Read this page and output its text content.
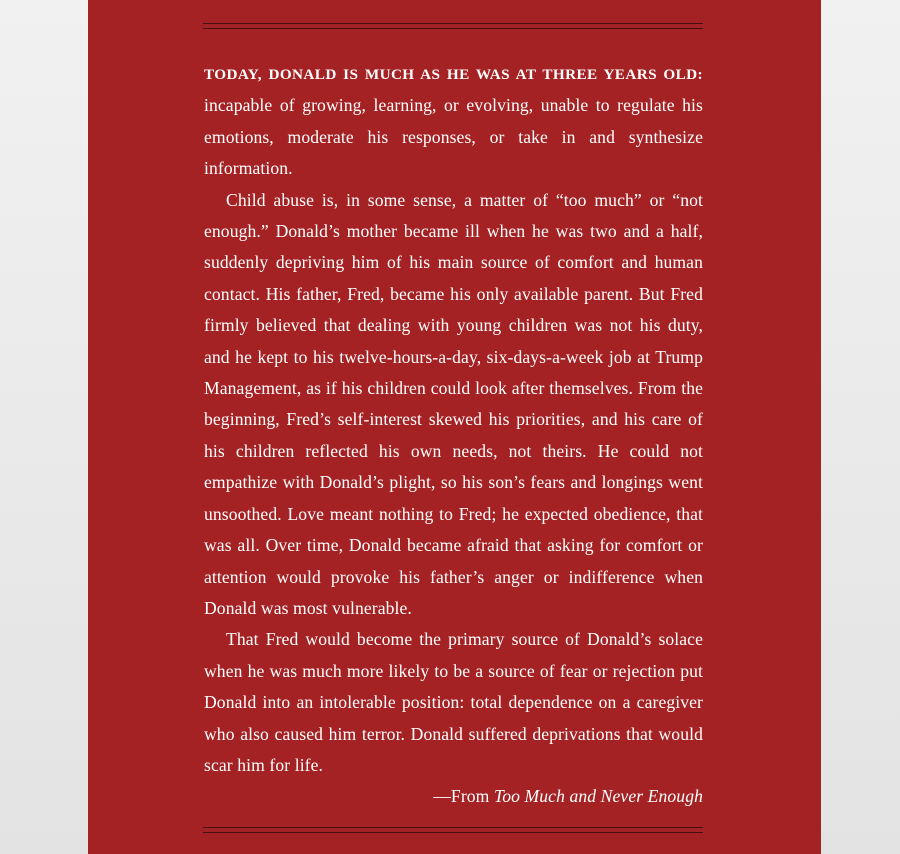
TODAY, DONALD IS MUCH AS HE WAS AT THREE YEARS OLD: incapable of growing, learning, or evolving, unable to regulate his emotions, moderate his responses, or take in and synthesize information.

Child abuse is, in some sense, a matter of “too much” or “not enough.” Donald’s mother became ill when he was two and a half, suddenly depriving him of his main source of comfort and human contact. His father, Fred, became his only available parent. But Fred firmly believed that dealing with young children was not his duty, and he kept to his twelve-hours-a-day, six-days-a-week job at Trump Management, as if his children could look after themselves. From the beginning, Fred’s self-interest skewed his priorities, and his care of his children reflected his own needs, not theirs. He could not empathize with Donald’s plight, so his son’s fears and longings went unsoothed. Love meant nothing to Fred; he expected obedience, that was all. Over time, Donald became afraid that asking for comfort or attention would provoke his father’s anger or indifference when Donald was most vulnerable.

That Fred would become the primary source of Donald’s solace when he was much more likely to be a source of fear or rejection put Donald into an intolerable position: total dependence on a caregiver who also caused him terror. Donald suffered deprivations that would scar him for life.

—From Too Much and Never Enough
